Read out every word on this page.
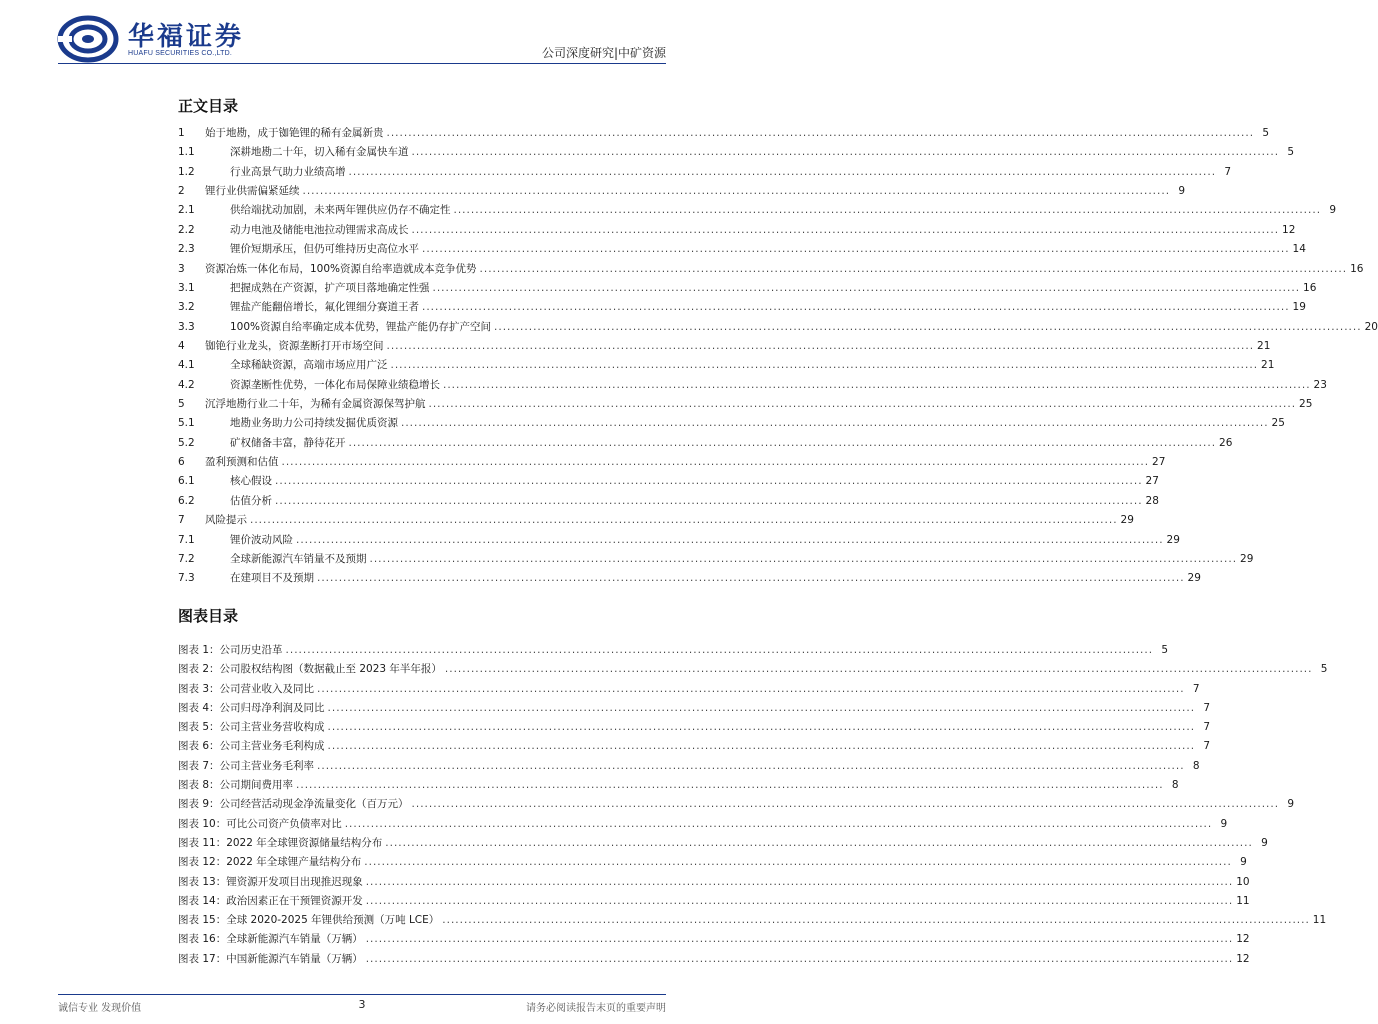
华福证券
HUAFU SECURITIES CO.,LTD.	公司深度研究|中矿资源
正文目录
1	始于地勘，成于铷铯锂的稀有金属新贵 ........................................................................................................................................................................................................ 5
1.1	深耕地勘二十年，切入稀有金属快车道 ........................................................................................................................................................................................................ 5
1.2	行业高景气助力业绩高增 ........................................................................................................................................................................................................ 7
2	锂行业供需偏紧延续 ........................................................................................................................................................................................................ 9
2.1	供给端扰动加剧，未来两年锂供应仍存不确定性 ........................................................................................................................................................................................................ 9
2.2	动力电池及储能电池拉动锂需求高成长 ........................................................................................................................................................................................................ 12
2.3	锂价短期承压，但仍可维持历史高位水平 ........................................................................................................................................................................................................ 14
3	资源冶炼一体化布局，100%资源自给率造就成本竞争优势 ........................................................................................................................................................................................................ 16
3.1	把握成熟在产资源，扩产项目落地确定性强 ........................................................................................................................................................................................................ 16
3.2	锂盐产能翻倍增长，氟化锂细分赛道王者 ........................................................................................................................................................................................................ 19
3.3	100%资源自给率确定成本优势，锂盐产能仍存扩产空间 ........................................................................................................................................................................................................ 20
4	铷铯行业龙头，资源垄断打开市场空间 ........................................................................................................................................................................................................ 21
4.1	全球稀缺资源，高端市场应用广泛 ........................................................................................................................................................................................................ 21
4.2	资源垄断性优势，一体化布局保障业绩稳增长 ........................................................................................................................................................................................................ 23
5	沉浮地勘行业二十年，为稀有金属资源保驾护航 ........................................................................................................................................................................................................ 25
5.1	地勘业务助力公司持续发掘优质资源 ........................................................................................................................................................................................................ 25
5.2	矿权储备丰富，静待花开 ........................................................................................................................................................................................................ 26
6	盈利预测和估值 ........................................................................................................................................................................................................ 27
6.1	核心假设 ........................................................................................................................................................................................................ 27
6.2	估值分析 ........................................................................................................................................................................................................ 28
7	风险提示 ........................................................................................................................................................................................................ 29
7.1	锂价波动风险 ........................................................................................................................................................................................................ 29
7.2	全球新能源汽车销量不及预期 ........................................................................................................................................................................................................ 29
7.3	在建项目不及预期 ........................................................................................................................................................................................................ 29
图表目录
图表 1：公司历史沿革 ........................................................................................................................................................................................................ 5
图表 2：公司股权结构图（数据截止至 2023 年半年报） ........................................................................................................................................................................................................ 5
图表 3：公司营业收入及同比 ........................................................................................................................................................................................................ 7
图表 4：公司归母净利润及同比 ........................................................................................................................................................................................................ 7
图表 5：公司主营业务营收构成 ........................................................................................................................................................................................................ 7
图表 6：公司主营业务毛利构成 ........................................................................................................................................................................................................ 7
图表 7：公司主营业务毛利率 ........................................................................................................................................................................................................ 8
图表 8：公司期间费用率 ........................................................................................................................................................................................................ 8
图表 9：公司经营活动现金净流量变化（百万元） ........................................................................................................................................................................................................ 9
图表 10：可比公司资产负债率对比 ........................................................................................................................................................................................................ 9
图表 11：2022 年全球锂资源储量结构分布 ........................................................................................................................................................................................................ 9
图表 12：2022 年全球锂产量结构分布 ........................................................................................................................................................................................................ 9
图表 13：锂资源开发项目出现推迟现象 ........................................................................................................................................................................................................ 10
图表 14：政治因素正在干预锂资源开发 ........................................................................................................................................................................................................ 11
图表 15：全球 2020-2025 年锂供给预测（万吨 LCE） ........................................................................................................................................................................................................ 11
图表 16：全球新能源汽车销量（万辆） ........................................................................................................................................................................................................ 12
图表 17：中国新能源汽车销量（万辆） ........................................................................................................................................................................................................ 12
诚信专业 发现价值	3	请务必阅读报告末页的重要声明
